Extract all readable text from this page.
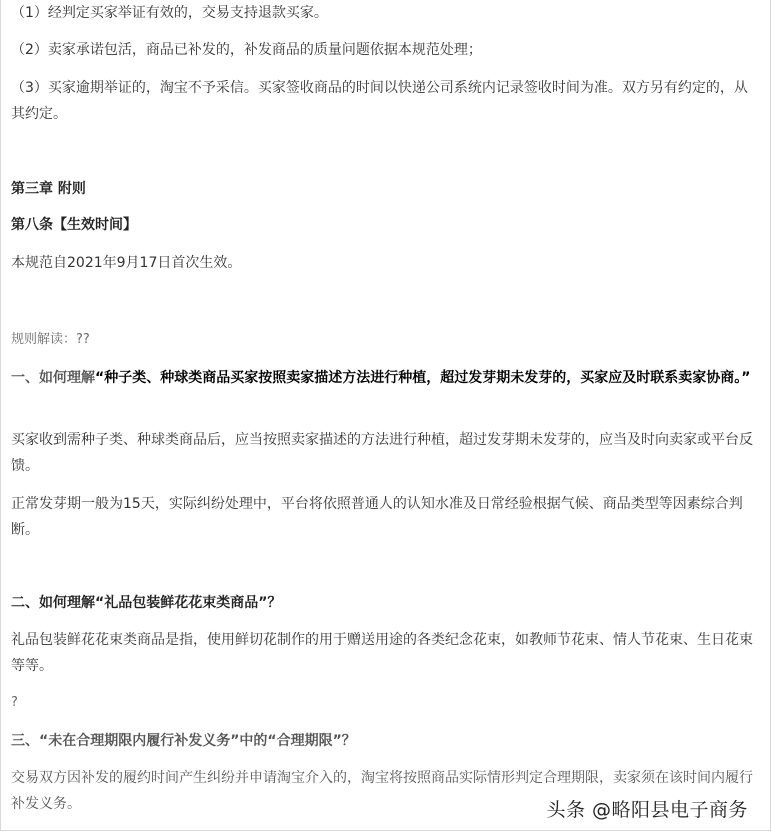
（1）经判定买家举证有效的，交易支持退款买家。
（2）卖家承诺包活，商品已补发的，补发商品的质量问题依据本规范处理；
（3）买家逾期举证的，淘宝不予采信。买家签收商品的时间以快递公司系统内记录签收时间为准。双方另有约定的，从其约定。
第三章 附则
第八条【生效时间】
本规范自2021年9月17日首次生效。
规则解读：??
一、如何理解“种子类、种球类商品买家按照卖家描述方法进行种植，超过发芽期未发芽的，买家应及时联系卖家协商。”
买家收到需种子类、种球类商品后，应当按照卖家描述的方法进行种植，超过发芽期未发芽的，应当及时向卖家或平台反馈。
正常发芽期一般为15天，实际纠纷处理中，平台将依照普通人的认知水准及日常经验根据气候、商品类型等因素综合判断。
二、如何理解“礼品包装鲜花花束类商品”？
礼品包装鲜花花束类商品是指，使用鲜切花制作的用于赠送用途的各类纪念花束，如教师节花束、情人节花束、生日花束等等。
?
三、“未在合理期限内履行补发义务”中的“合理期限”？
交易双方因补发的履约时间产生纠纷并申请淘宝介入的，淘宝将按照商品实际情形判定合理期限，卖家须在该时间内履行补发义务。	头条 @略阳县电子商务
